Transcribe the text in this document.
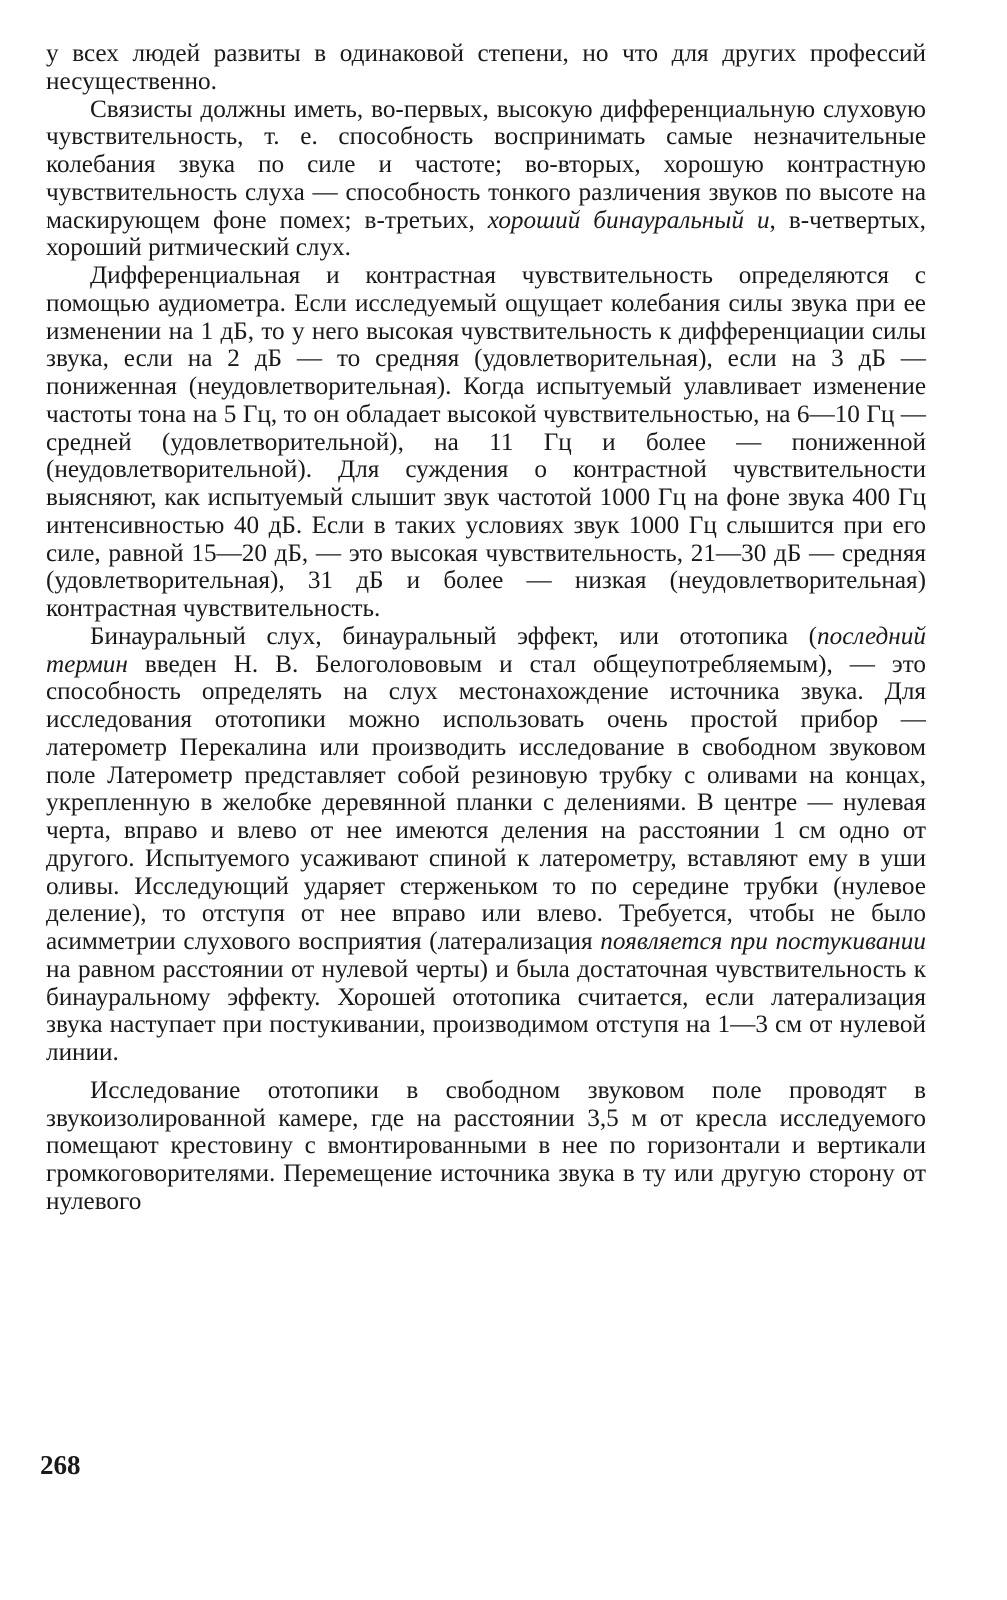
у всех людей развиты в одинаковой степени, но что для других профессий несущественно.

Связисты должны иметь, во-первых, высокую дифференциальную слуховую чувствительность, т. е. способность воспринимать самые незначительные колебания звука по силе и частоте; во-вторых, хорошую контрастную чувствительность слуха — способность тонкого различения звуков по высоте на маскирующем фоне помех; в-третьих, хороший бинауральный и, в-четвертых, хороший ритмический слух.

Дифференциальная и контрастная чувствительность определяются с помощью аудиометра. Если исследуемый ощущает колебания силы звука при ее изменении на 1 дБ, то у него высокая чувствительность к дифференциации силы звука, если на 2 дБ — то средняя (удовлетворительная), если на 3 дБ — пониженная (неудовлетворительная). Когда испытуемый улавливает изменение частоты тона на 5 Гц, то он обладает высокой чувствительностью, на 6—10 Гц — средней (удовлетворительной), на 11 Гц и более — пониженной (неудовлетворительной). Для суждения о контрастной чувствительности выясняют, как испытуемый слышит звук частотой 1000 Гц на фоне звука 400 Гц интенсивностью 40 дБ. Если в таких условиях звук 1000 Гц слышится при его силе, равной 15—20 дБ, — это высокая чувствительность, 21—30 дБ — средняя (удовлетворительная), 31 дБ и более — низкая (неудовлетворительная) контрастная чувствительность.

Бинауральный слух, бинауральный эффект, или ототопика (последний термин введен Н. В. Белоголововым и стал общеупотребляемым), — это способность определять на слух местонахождение источника звука. Для исследования ототопики можно использовать очень простой прибор — латерометр Перекалина или производить исследование в свободном звуковом поле Латерометр представляет собой резиновую трубку с оливами на концах, укрепленную в желобке деревянной планки с делениями. В центре — нулевая черта, вправо и влево от нее имеются деления на расстоянии 1 см одно от другого. Испытуемого усаживают спиной к латерометру, вставляют ему в уши оливы. Исследующий ударяет стерженьком то по середине трубки (нулевое деление), то отступя от нее вправо или влево. Требуется, чтобы не было асимметрии слухового восприятия (латерализация появляется при постукивании на равном расстоянии от нулевой черты) и была достаточная чувствительность к бинауральному эффекту. Хорошей ототопика считается, если латерализация звука наступает при постукивании, производимом отступя на 1—3 см от нулевой линии.

Исследование ототопики в свободном звуковом поле проводят в звукоизолированной камере, где на расстоянии 3,5 м от кресла исследуемого помещают крестовину с вмонтированными в нее по горизонтали и вертикали громкоговорителями. Перемещение источника звука в ту или другую сторону от нулевого

268
